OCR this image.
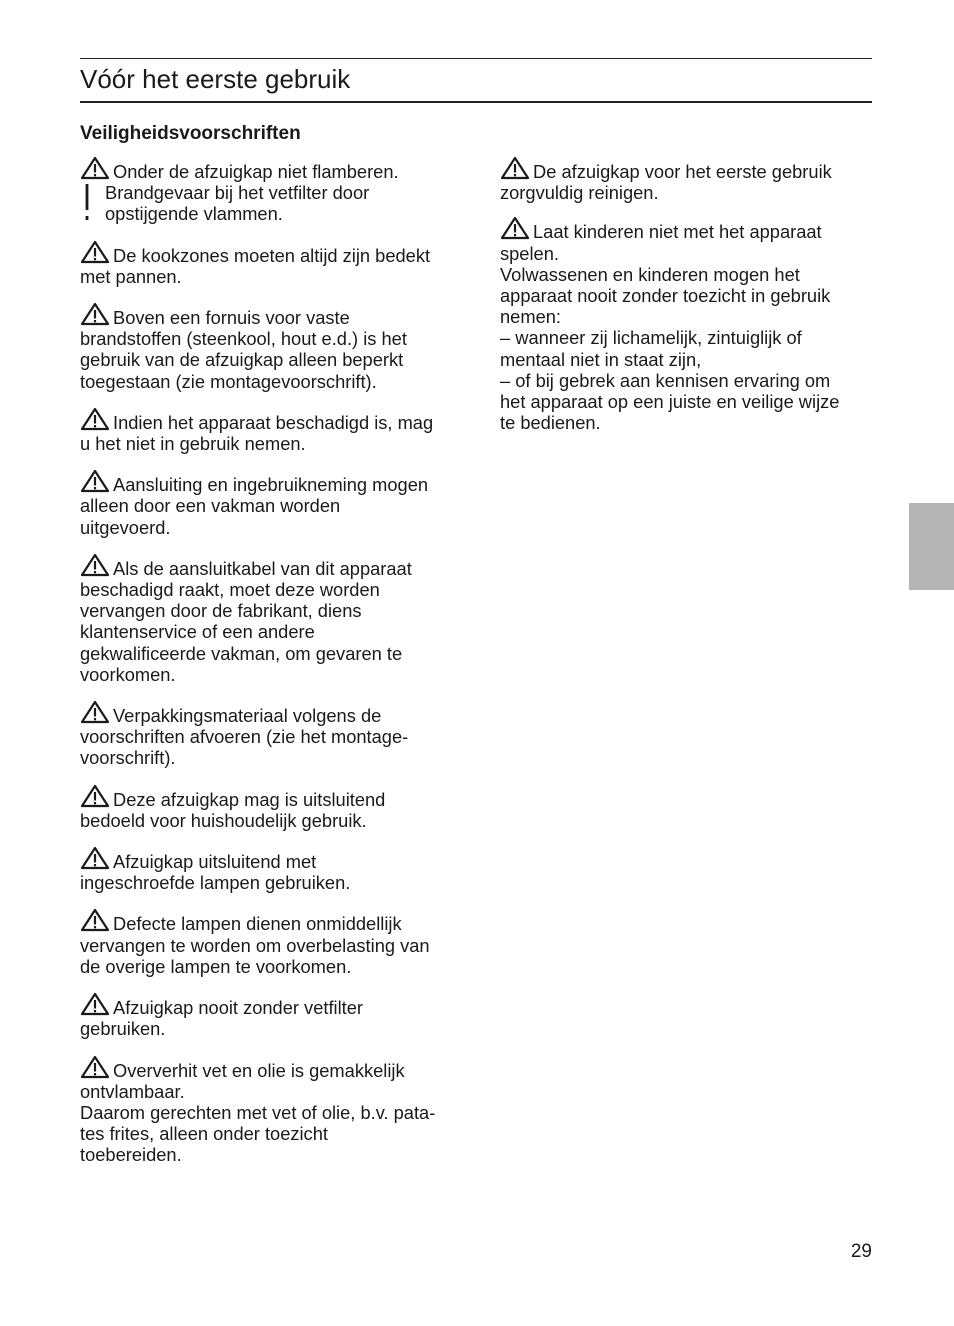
Vóór het eerste gebruik
Veiligheidsvoorschriften

Onder de afzuigkap niet flamberen.
Brandgevaar bij het vetfilter door
opstijgende vlammen.

De kookzones moeten altijd zijn bedekt
met pannen.

Boven een fornuis voor vaste
brandstoffen (steenkool, hout e.d.) is het
gebruik van de afzuigkap alleen beperkt
toegestaan (zie montagevoorschrift).

Indien het apparaat beschadigd is, mag
u het niet in gebruik nemen.

Aansluiting en ingebruikneming mogen
alleen door een vakman worden
uitgevoerd.

Als de aansluitkabel van dit apparaat
beschadigd raakt, moet deze worden
vervangen door de fabrikant, diens
klantenservice of een andere
gekwalificeerde vakman, om gevaren te
voorkomen.

Verpakkingsmateriaal volgens de
voorschriften afvoeren (zie het montage-
voorschrift).

Deze afzuigkap mag is uitsluitend
bedoeld voor huishoudelijk gebruik.

Afzuigkap uitsluitend met
ingeschroefde lampen gebruiken.

Defecte lampen dienen onmiddellijk
vervangen te worden om overbelasting van
de overige lampen te voorkomen.

Afzuigkap nooit zonder vetfilter
gebruiken.

Oververhit vet en olie is gemakkelijk
ontvlambaar.
Daarom gerechten met vet of olie, b.v. pata-
tes frites, alleen onder toezicht
toebereiden.

De afzuigkap voor het eerste gebruik
zorgvuldig reinigen.

Laat kinderen niet met het apparaat
spelen.
Volwassenen en kinderen mogen het
apparaat nooit zonder toezicht in gebruik
nemen:
– wanneer zij lichamelijk, zintuiglijk of
mentaal niet in staat zijn,
– of bij gebrek aan kennisen ervaring om
het apparaat op een juiste en veilige wijze
te bedienen.

29
